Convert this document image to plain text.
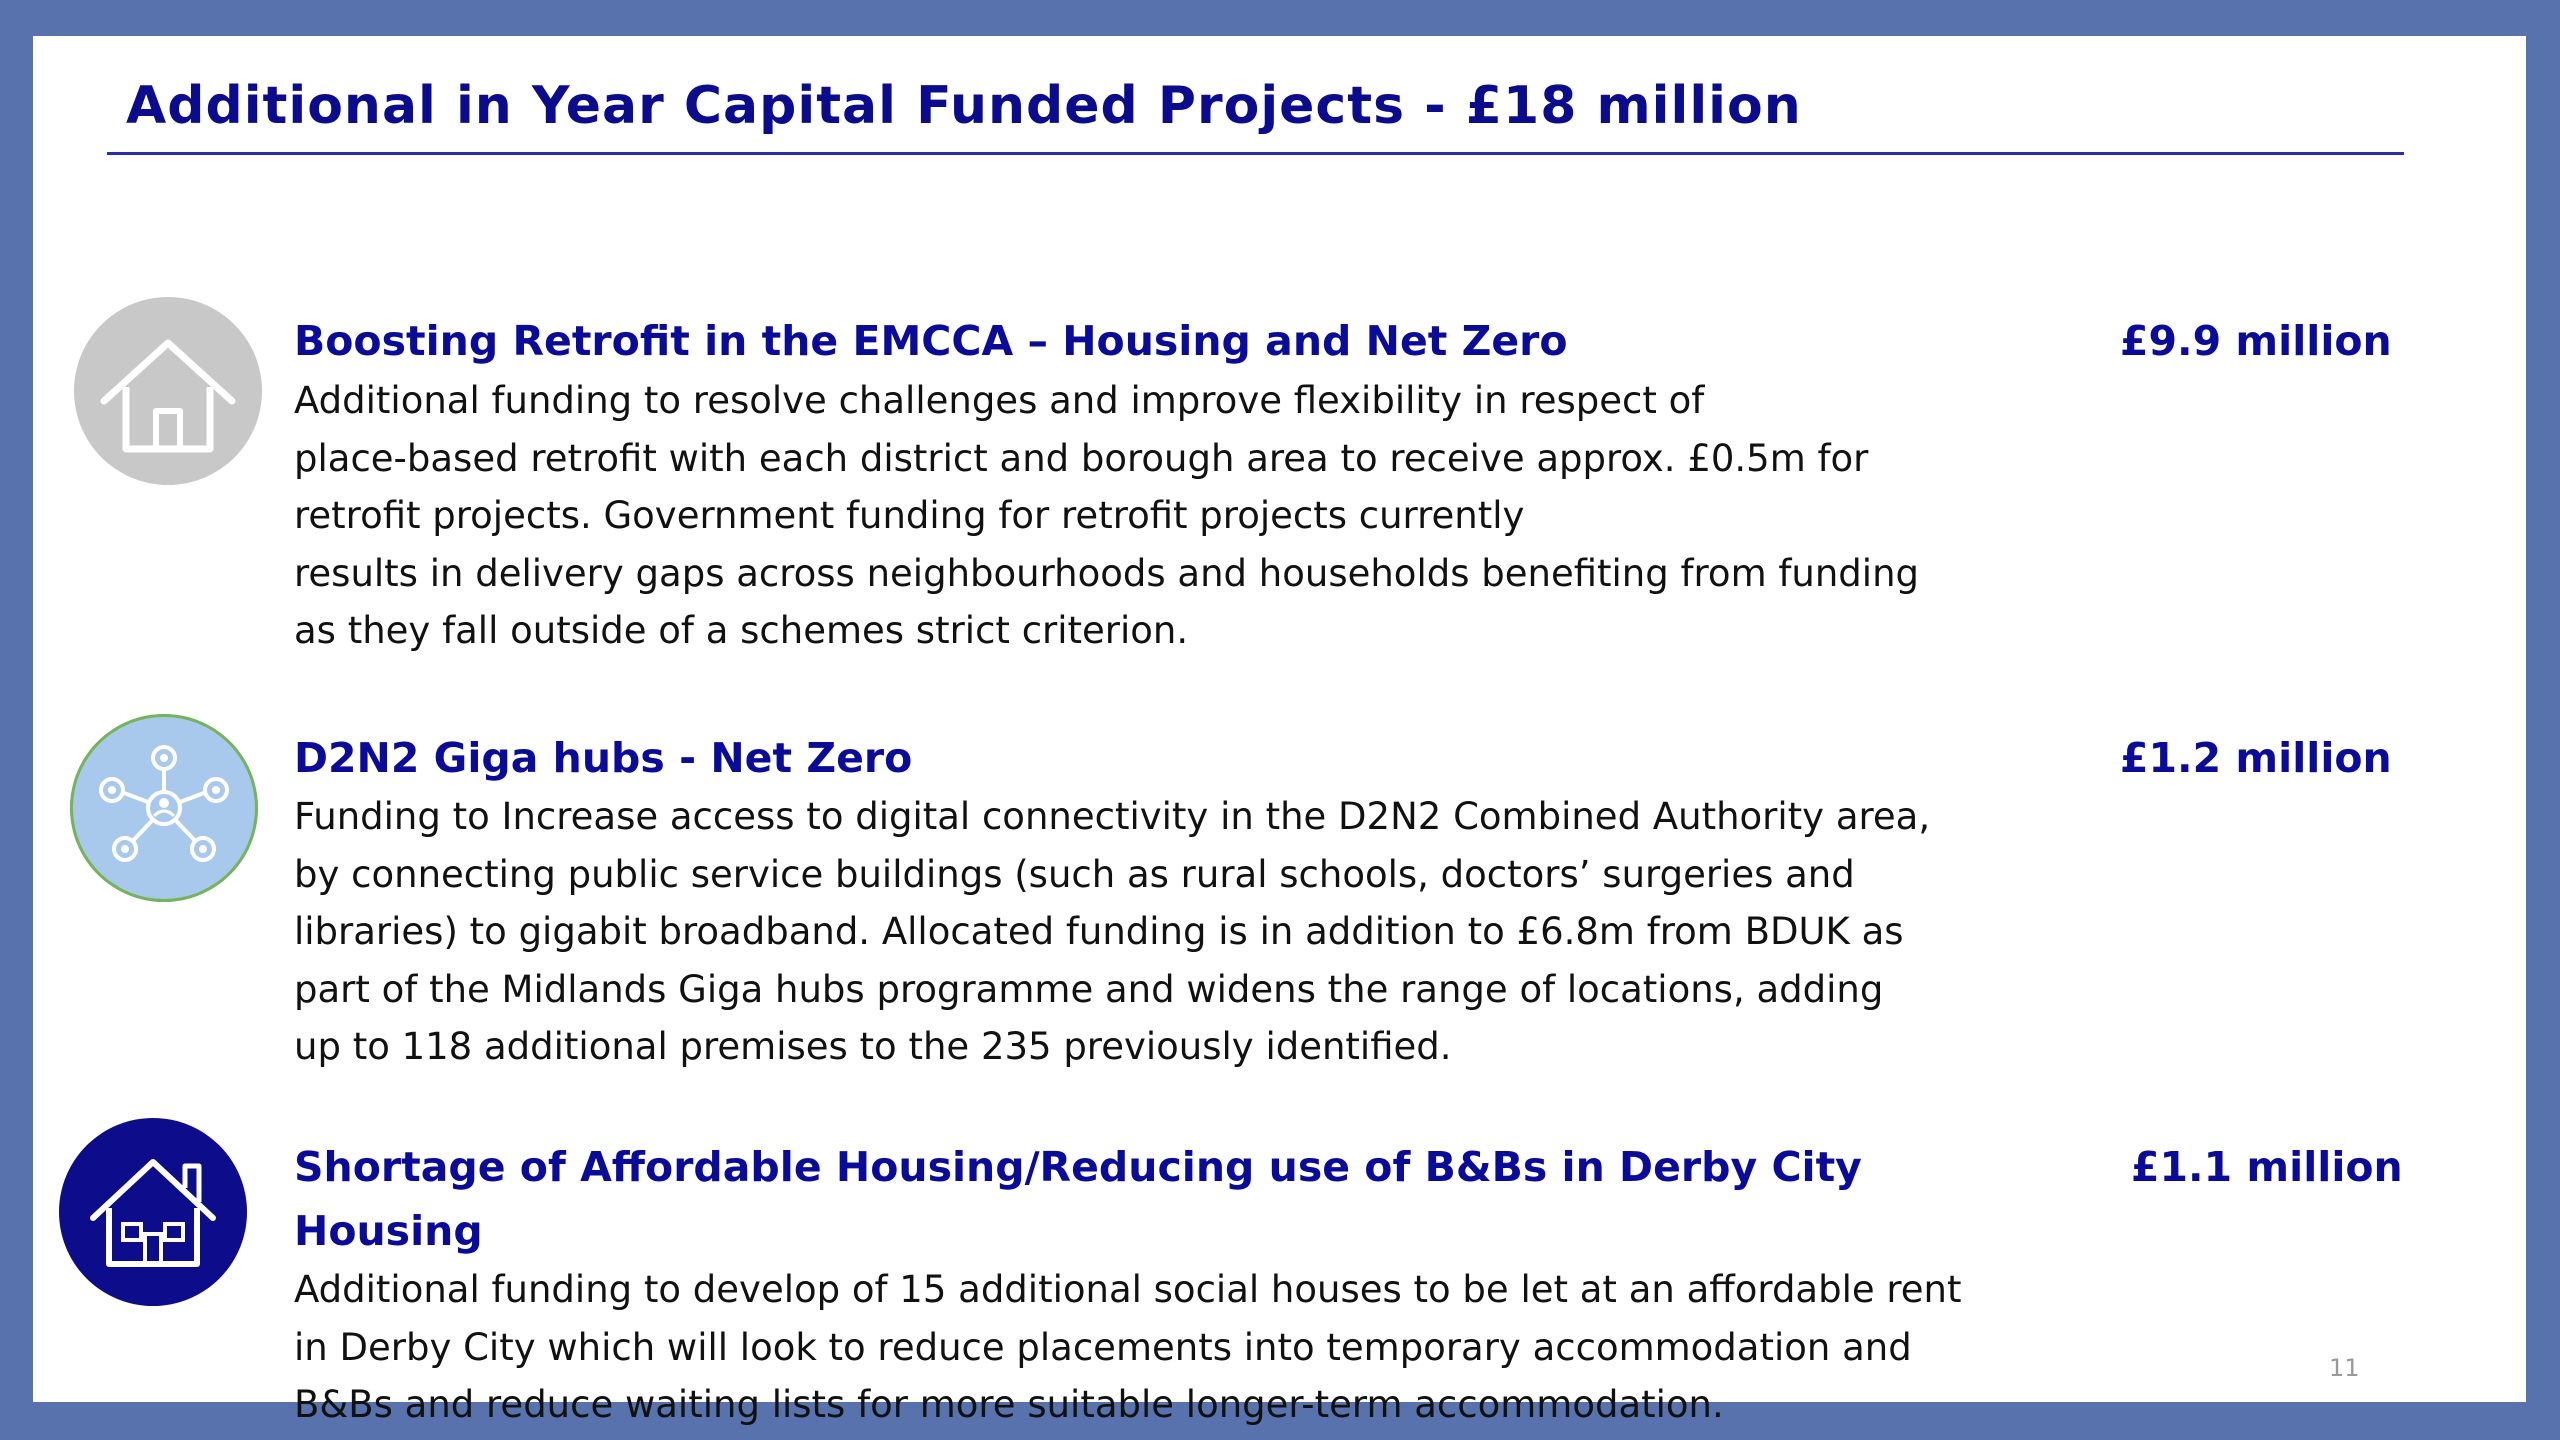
Additional in Year Capital Funded Projects - £18 million
Boosting Retrofit in the EMCCA – Housing and Net Zero	£9.9 million

Additional funding to resolve challenges and improve flexibility in respect of
place-based retrofit with each district and borough area to receive approx. £0.5m for
retrofit projects. Government funding for retrofit projects currently
results in delivery gaps across neighbourhoods and households benefiting from funding
as they fall outside of a schemes strict criterion.

D2N2 Giga hubs - Net Zero	£1.2 million

Funding to Increase access to digital connectivity in the D2N2 Combined Authority area,
by connecting public service buildings (such as rural schools, doctors’ surgeries and
libraries) to gigabit broadband. Allocated funding is in addition to £6.8m from BDUK as
part of the Midlands Giga hubs programme and widens the range of locations, adding
up to 118 additional premises to the 235 previously identified.

Shortage of Affordable Housing/Reducing use of B&Bs in Derby City
Housing

£1.1 million

Additional funding to develop of 15 additional social houses to be let at an affordable rent
in Derby City which will look to reduce placements into temporary accommodation and
B&Bs and reduce waiting lists for more suitable longer-term accommodation.

11
